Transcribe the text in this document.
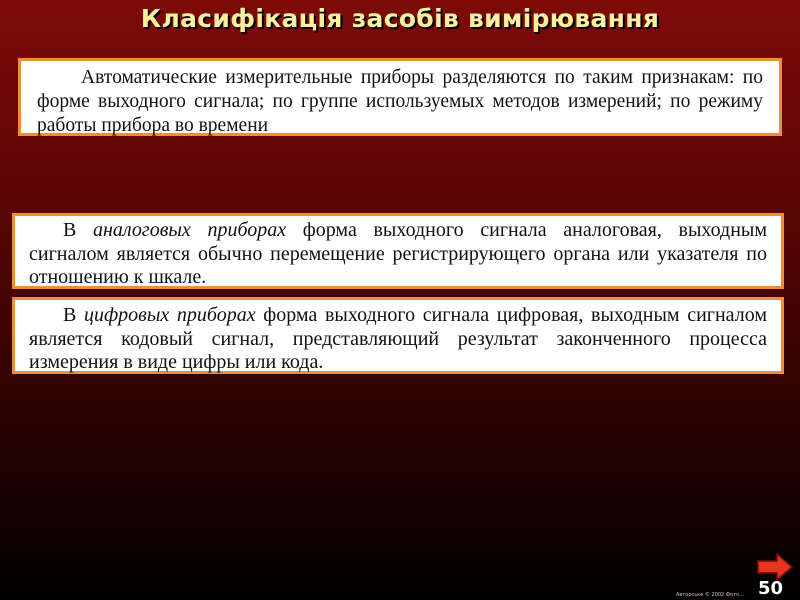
Класифікація засобів вимірювання

Автоматические измерительные приборы разделяются по таким признакам: по форме выходного сигнала; по группе используемых методов измерений; по режиму работы прибора во времени

В аналоговых приборах форма выходного сигнала аналоговая, выходным сигналом является обычно перемещение регистрирующего органа или указателя по отношению к шкале.

В цифровых приборах форма выходного сигнала цифровая, выходным сигналом является кодовый сигнал, представляющий результат законченного процесса измерения в виде цифры или кода.

50
Авторське © 2002 Фото...
